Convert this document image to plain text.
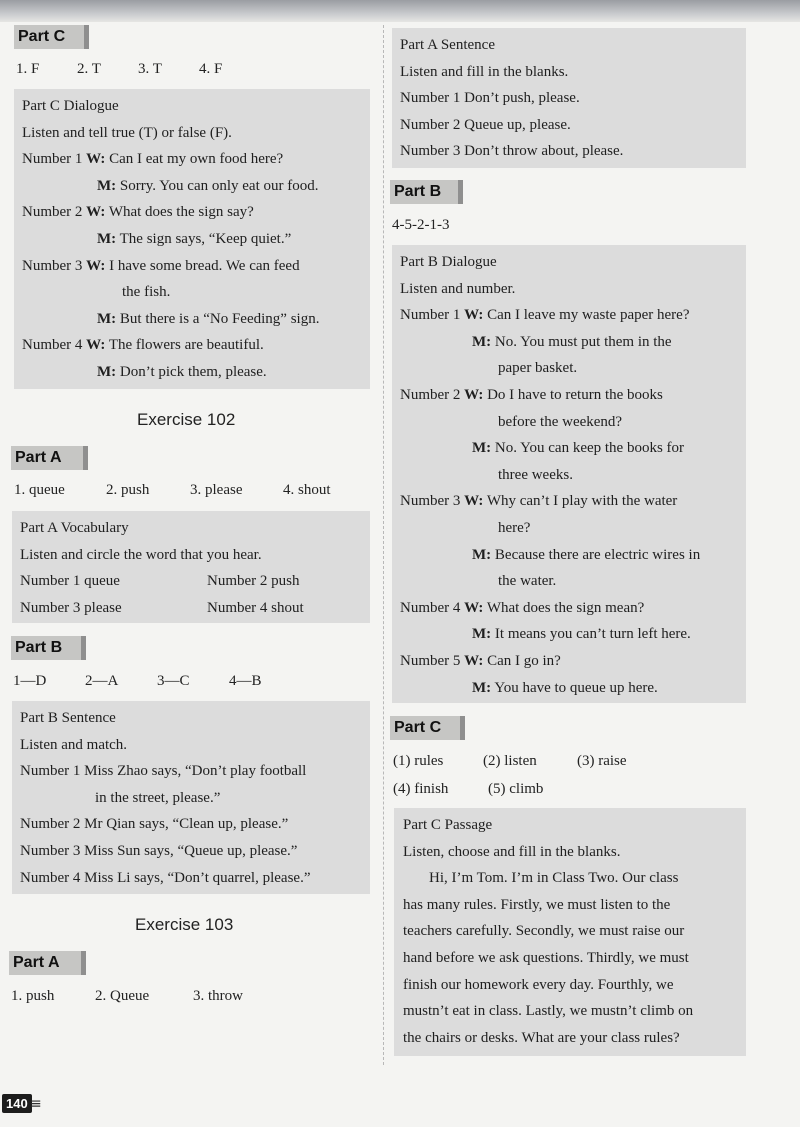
Part C
1. F	2. T 3. T 4. F
Part C Dialogue
Listen and tell true (T) or false (F).
Number 1 W: Can I eat my own food here?
M: Sorry. You can only eat our food.
Number 2 W: What does the sign say?
M: The sign says, “Keep quiet.”
Number 3 W: I have some bread. We can feed
the fish.
M: But there is a “No Feeding” sign.
Number 4 W: The flowers are beautiful.
M: Don’t pick them, please.
Exercise 102
Part A
1. queue	2. push	3. please	4. shout
Part A Vocabulary
Listen and circle the word that you hear.
Number 1 queue	Number 2 push
Number 3 please	Number 4 shout
Part B
1—D	2—A	3—C	4—B
Part B Sentence
Listen and match.
Number 1 Miss Zhao says, “Don’t play football
in the street, please.”
Number 2 Mr Qian says, “Clean up, please.”
Number 3 Miss Sun says, “Queue up, please.”
Number 4 Miss Li says, “Don’t quarrel, please.”
Exercise 103
Part A
1. push	2. Queue	3. throw
140 ≡
Part A Sentence
Listen and fill in the blanks.
Number 1 Don’t push, please.
Number 2 Queue up, please.
Number 3 Don’t throw about, please.
Part B
4-5-2-1-3
Part B Dialogue
Listen and number.
Number 1 W: Can I leave my waste paper here?
M: No. You must put them in the
paper basket.
Number 2 W: Do I have to return the books
before the weekend?
M: No. You can keep the books for
three weeks.
Number 3 W: Why can’t I play with the water
here?
M: Because there are electric wires in
the water.
Number 4 W: What does the sign mean?
M: It means you can’t turn left here.
Number 5 W: Can I go in?
M: You have to queue up here.
Part C
(1) rules	(2) listen	(3) raise
(4) finish	(5) climb
Part C Passage
Listen, choose and fill in the blanks.
Hi, I’m Tom. I’m in Class Two. Our class
has many rules. Firstly, we must listen to the
teachers carefully. Secondly, we must raise our
hand before we ask questions. Thirdly, we must
finish our homework every day. Fourthly, we
mustn’t eat in class. Lastly, we mustn’t climb on
the chairs or desks. What are your class rules?
